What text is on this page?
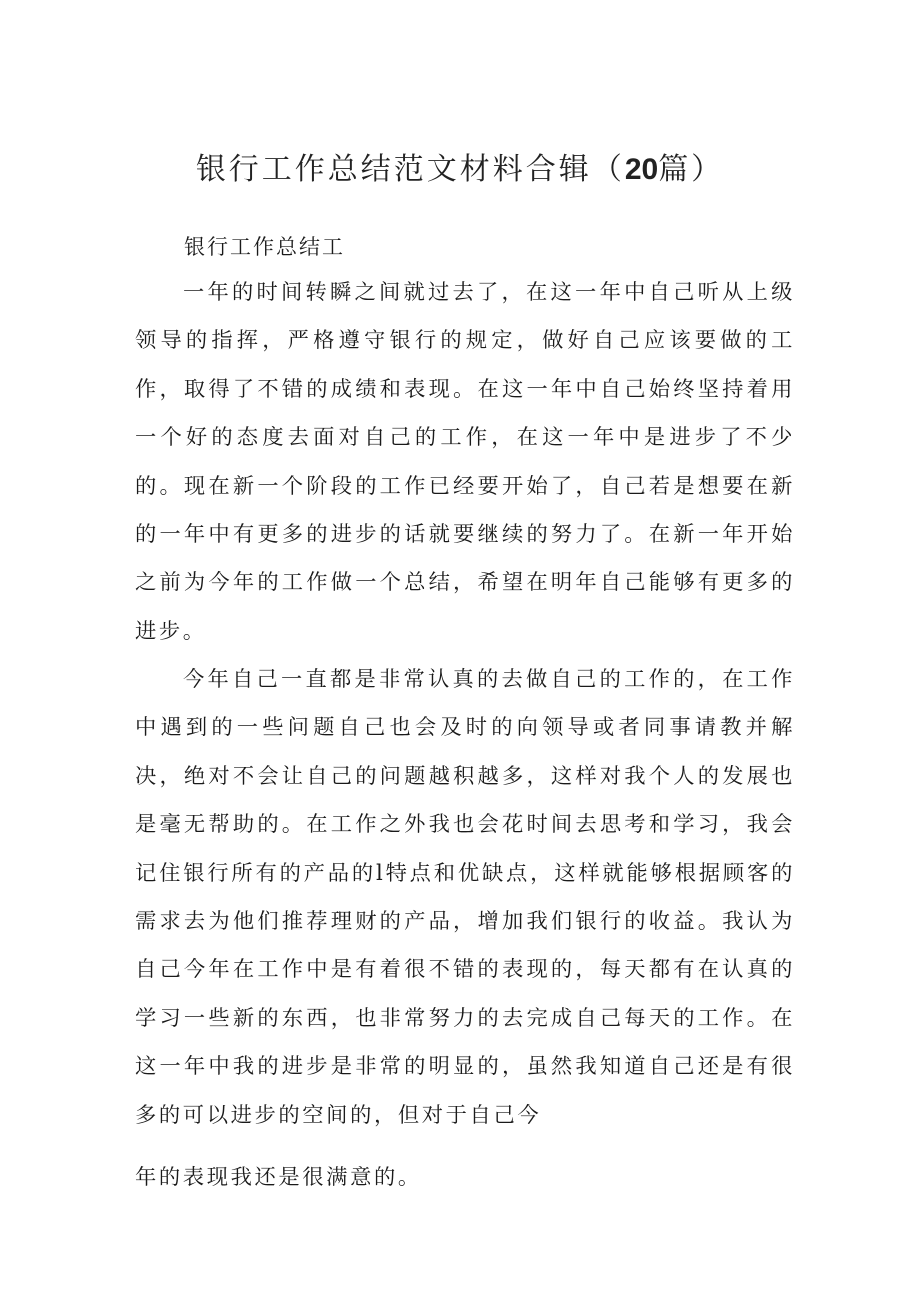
银行工作总结范文材料合辑（20篇）
银行工作总结工

一年的时间转瞬之间就过去了，在这一年中自己听从上级领导的指挥，严格遵守银行的规定，做好自己应该要做的工作，取得了不错的成绩和表现。在这一年中自己始终坚持着用一个好的态度去面对自己的工作，在这一年中是进步了不少的。现在新一个阶段的工作已经要开始了，自己若是想要在新的一年中有更多的进步的话就要继续的努力了。在新一年开始之前为今年的工作做一个总结，希望在明年自己能够有更多的进步。

今年自己一直都是非常认真的去做自己的工作的，在工作中遇到的一些问题自己也会及时的向领导或者同事请教并解决，绝对不会让自己的问题越积越多，这样对我个人的发展也是毫无帮助的。在工作之外我也会花时间去思考和学习，我会记住银行所有的产品的l特点和优缺点，这样就能够根据顾客的需求去为他们推荐理财的产品，增加我们银行的收益。我认为自己今年在工作中是有着很不错的表现的，每天都有在认真的学习一些新的东西，也非常努力的去完成自己每天的工作。在这一年中我的进步是非常的明显的，虽然我知道自己还是有很多的可以进步的空间的，但对于自己今

年的表现我还是很满意的。
